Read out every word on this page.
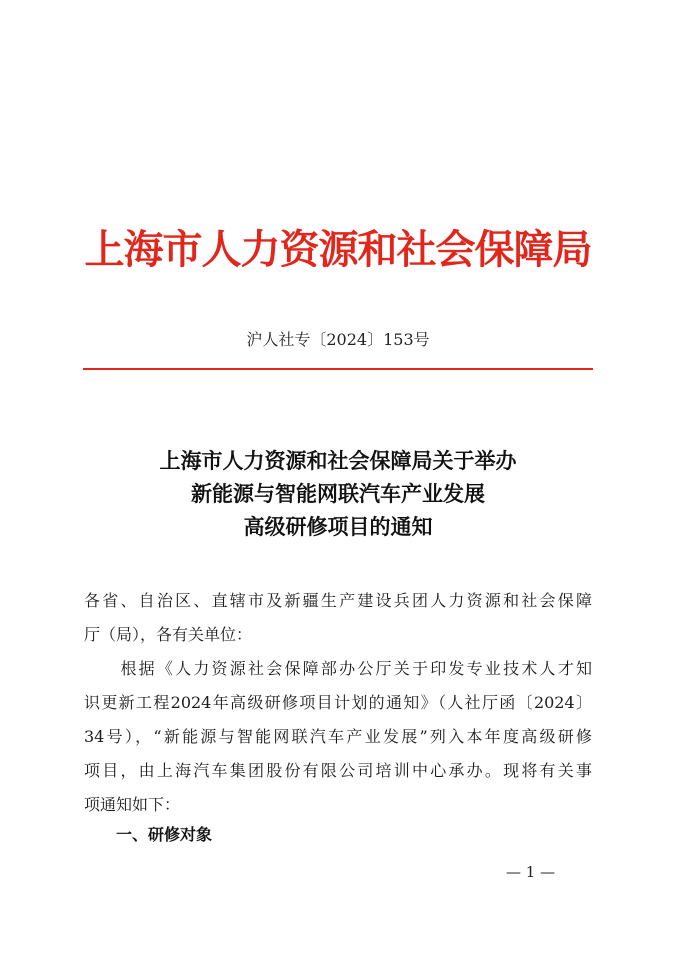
上海市人力资源和社会保障局
沪人社专〔2024〕153号
上海市人力资源和社会保障局关于举办
新能源与智能网联汽车产业发展
高级研修项目的通知
各省、自治区、直辖市及新疆生产建设兵团人力资源和社会保障
厅（局），各有关单位：
　　根据《人力资源社会保障部办公厅关于印发专业技术人才知
识更新工程2024年高级研修项目计划的通知》（人社厅函〔2024〕
34号），“新能源与智能网联汽车产业发展”列入本年度高级研修
项目，由上海汽车集团股份有限公司培训中心承办。现将有关事
项通知如下：
一、研修对象
— 1 —
